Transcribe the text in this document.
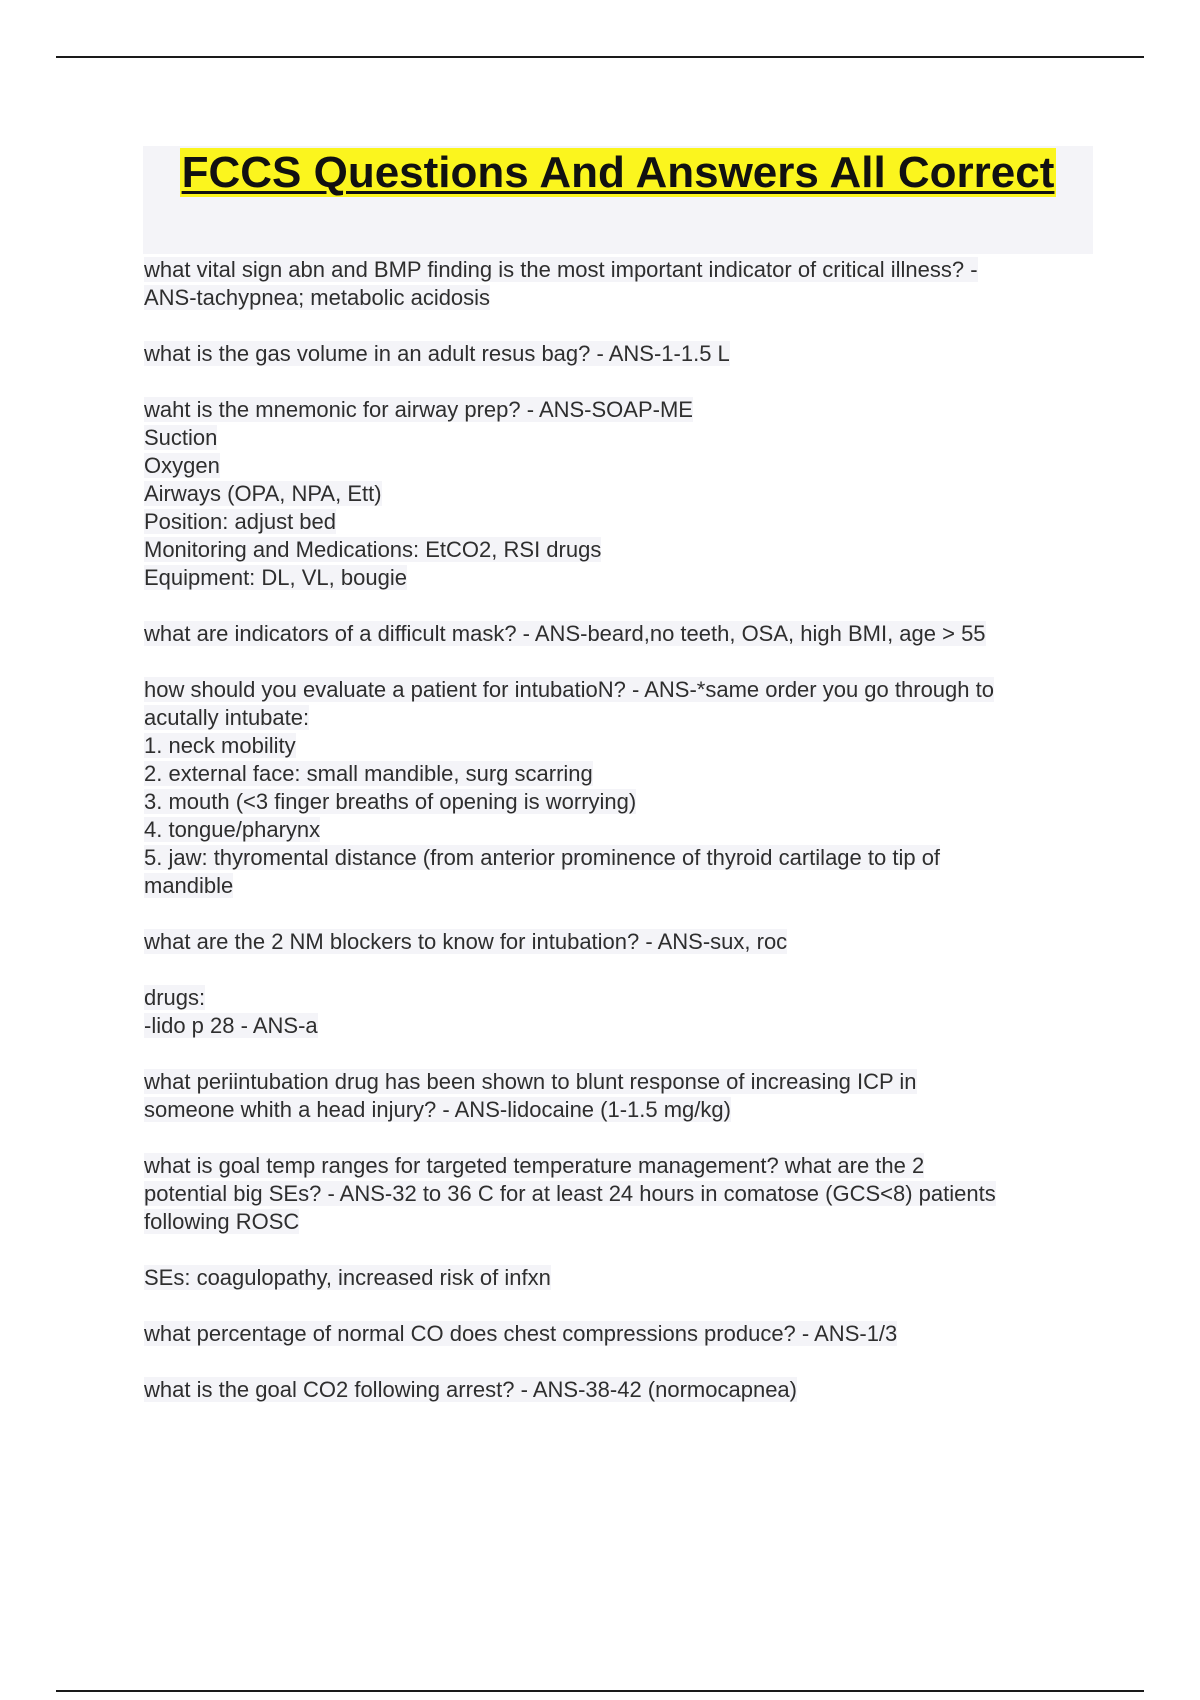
FCCS Questions And Answers All Correct
what vital sign abn and BMP finding is the most important indicator of critical illness? -
ANS-tachypnea; metabolic acidosis
what is the gas volume in an adult resus bag? - ANS-1-1.5 L
waht is the mnemonic for airway prep? - ANS-SOAP-ME
Suction
Oxygen
Airways (OPA, NPA, Ett)
Position: adjust bed
Monitoring and Medications: EtCO2, RSI drugs
Equipment: DL, VL, bougie
what are indicators of a difficult mask? - ANS-beard,no teeth, OSA, high BMI, age > 55
how should you evaluate a patient for intubatioN? - ANS-*same order you go through to
acutally intubate:
1. neck mobility
2. external face: small mandible, surg scarring
3. mouth (<3 finger breaths of opening is worrying)
4. tongue/pharynx
5. jaw: thyromental distance (from anterior prominence of thyroid cartilage to tip of
mandible
what are the 2 NM blockers to know for intubation? - ANS-sux, roc
drugs:
-lido p 28 - ANS-a
what periintubation drug has been shown to blunt response of increasing ICP in
someone whith a head injury? - ANS-lidocaine (1-1.5 mg/kg)
what is goal temp ranges for targeted temperature management? what are the 2
potential big SEs? - ANS-32 to 36 C for at least 24 hours in comatose (GCS<8) patients
following ROSC
SEs: coagulopathy, increased risk of infxn
what percentage of normal CO does chest compressions produce? - ANS-1/3
what is the goal CO2 following arrest? - ANS-38-42 (normocapnea)
